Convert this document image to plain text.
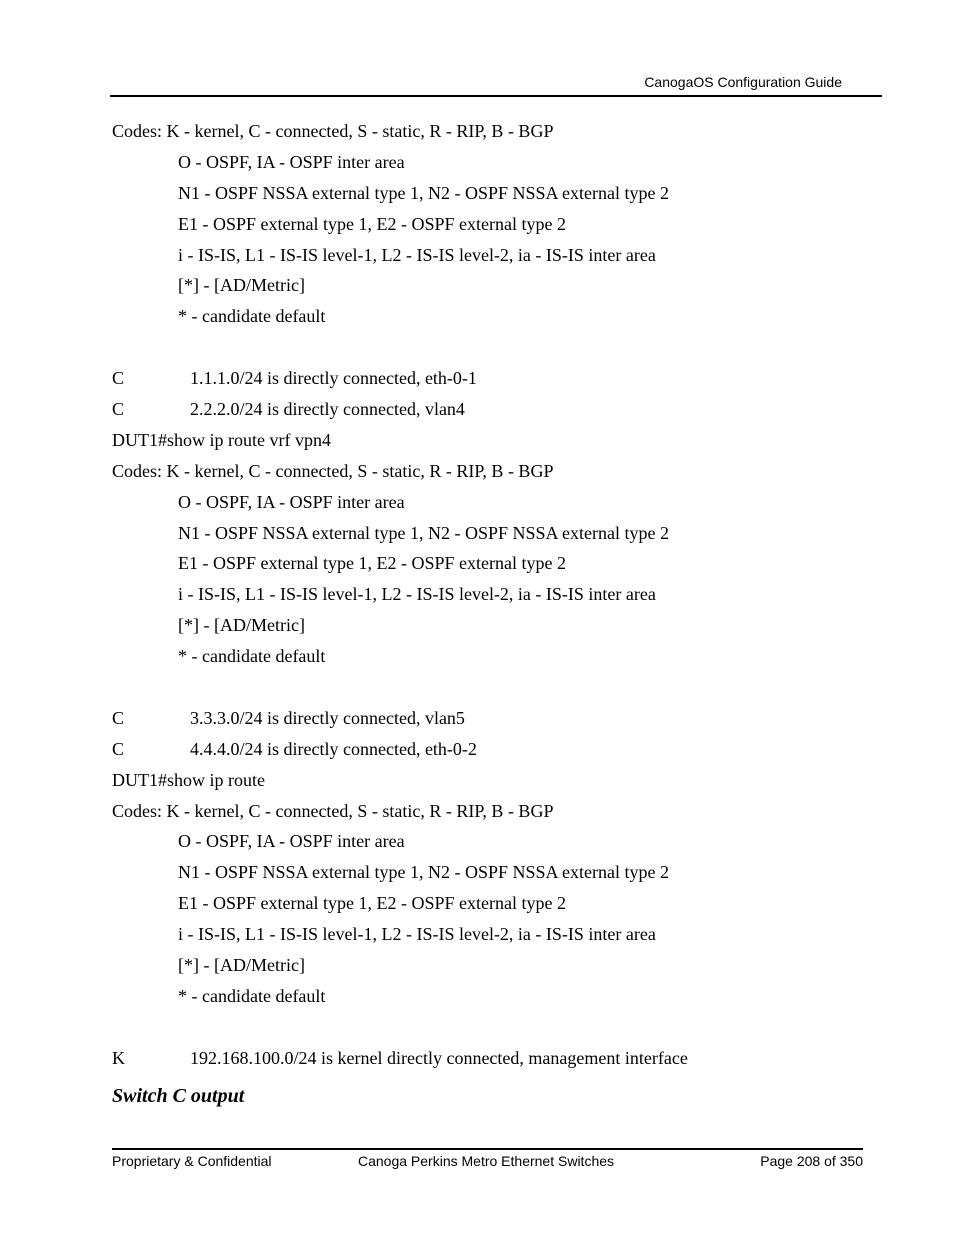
CanogaOS Configuration Guide
Codes: K - kernel, C - connected, S - static, R - RIP, B - BGP
O - OSPF, IA - OSPF inter area
N1 - OSPF NSSA external type 1, N2 - OSPF NSSA external type 2
E1 - OSPF external type 1, E2 - OSPF external type 2
i - IS-IS, L1 - IS-IS level-1, L2 - IS-IS level-2, ia - IS-IS inter area
[*] - [AD/Metric]
* - candidate default
C	1.1.1.0/24 is directly connected, eth-0-1
C	2.2.2.0/24 is directly connected, vlan4
DUT1#show ip route vrf vpn4
Codes: K - kernel, C - connected, S - static, R - RIP, B - BGP
O - OSPF, IA - OSPF inter area
N1 - OSPF NSSA external type 1, N2 - OSPF NSSA external type 2
E1 - OSPF external type 1, E2 - OSPF external type 2
i - IS-IS, L1 - IS-IS level-1, L2 - IS-IS level-2, ia - IS-IS inter area
[*] - [AD/Metric]
* - candidate default
C	3.3.3.0/24 is directly connected, vlan5
C	4.4.4.0/24 is directly connected, eth-0-2
DUT1#show ip route
Codes: K - kernel, C - connected, S - static, R - RIP, B - BGP
O - OSPF, IA - OSPF inter area
N1 - OSPF NSSA external type 1, N2 - OSPF NSSA external type 2
E1 - OSPF external type 1, E2 - OSPF external type 2
i - IS-IS, L1 - IS-IS level-1, L2 - IS-IS level-2, ia - IS-IS inter area
[*] - [AD/Metric]
* - candidate default
K	192.168.100.0/24 is kernel directly connected, management interface
Switch C output
Proprietary & Confidential	Canoga Perkins Metro Ethernet Switches	Page 208 of 350
